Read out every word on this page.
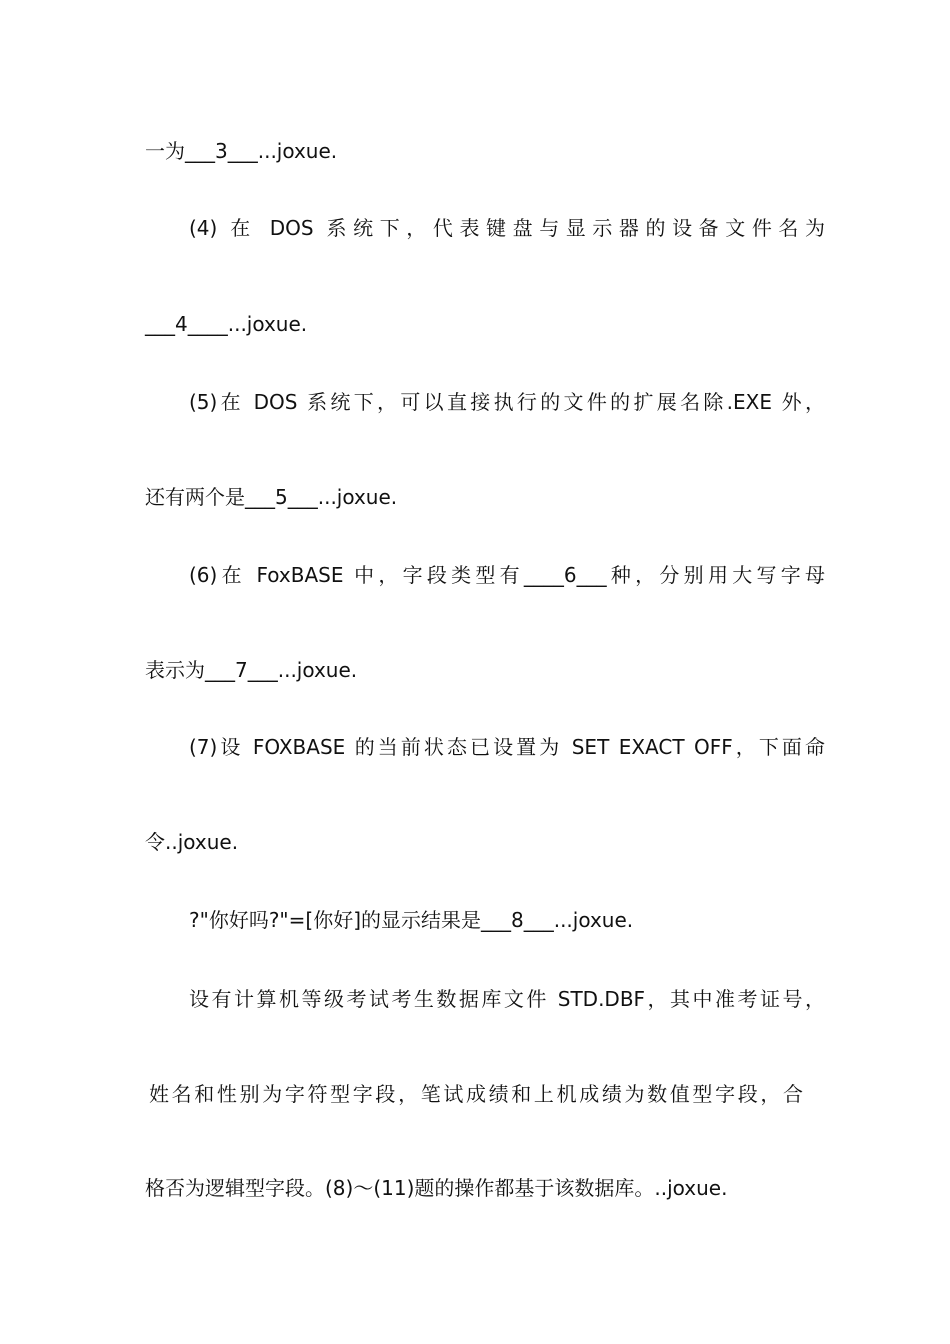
一为___3___...joxue.
(4) 在 DOS 系统下，代表键盘与显示器的设备文件名为
___4____...joxue.
(5)在 DOS 系统下，可以直接执行的文件的扩展名除.EXE 外，
还有两个是___5___...joxue.
(6)在 FoxBASE 中，字段类型有____6___种，分别用大写字母
表示为___7___...joxue.
(7)设 FOXBASE 的当前状态已设置为 SET EXACT OFF，下面命
令..joxue.
?"你好吗?"=[你好]的显示结果是___8___...joxue.
设有计算机等级考试考生数据库文件 STD.DBF，其中准考证号，
姓名和性别为字符型字段，笔试成绩和上机成绩为数值型字段，合
格否为逻辑型字段。(8)～(11)题的操作都基于该数据库。..joxue.
